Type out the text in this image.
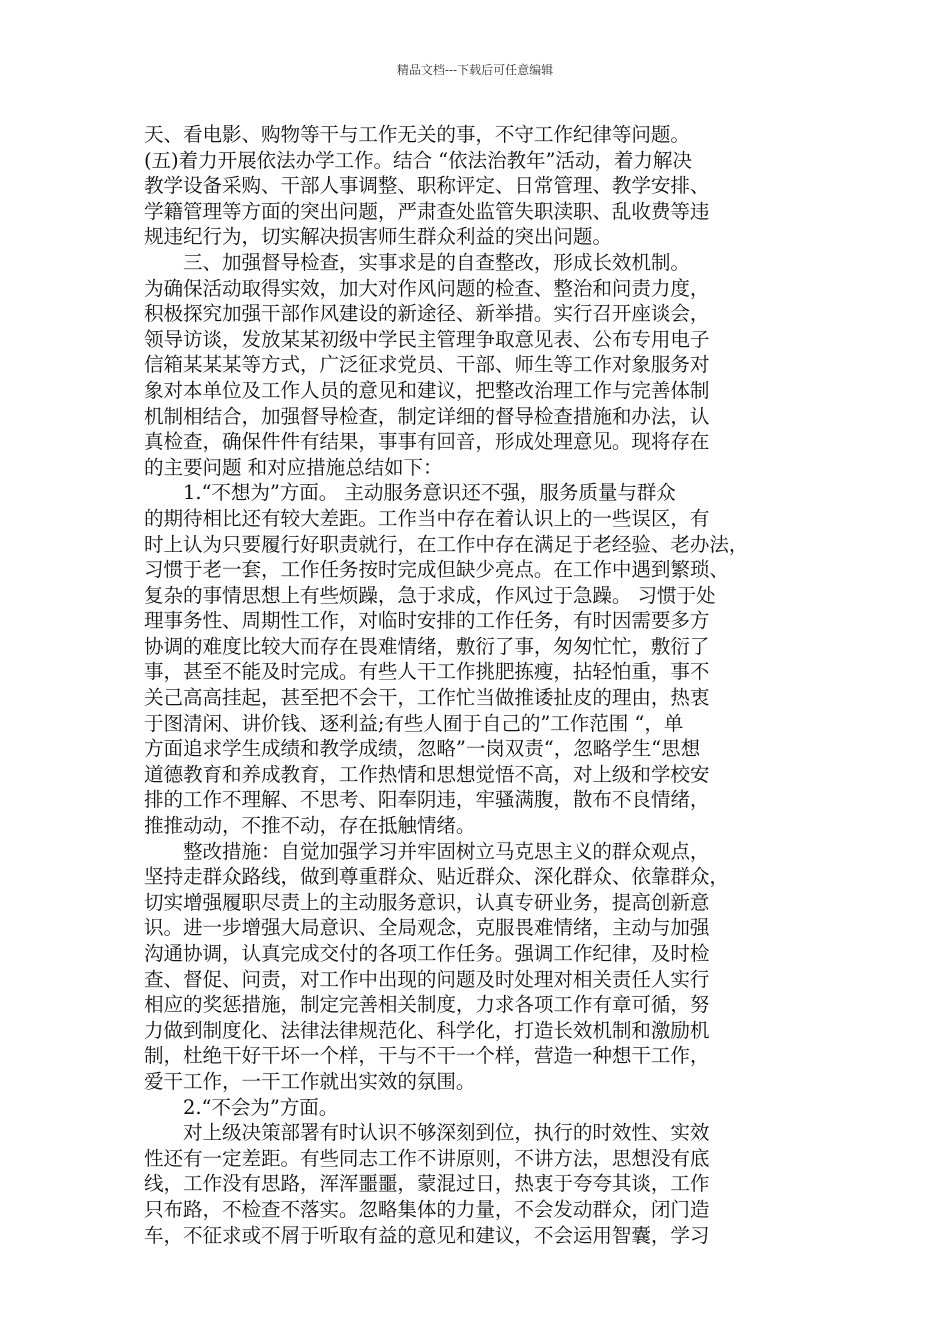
精品文档---下载后可任意编辑
天、看电影、购物等干与工作无关的事，不守工作纪律等问题。
(五)着力开展依法办学工作。结合 “依法治教年”活动，着力解决
教学设备采购、干部人事调整、职称评定、日常管理、教学安排、
学籍管理等方面的突出问题，严肃查处监管失职渎职、乱收费等违
规违纪行为，切实解决损害师生群众利益的突出问题。
　　三、加强督导检查，实事求是的自查整改，形成长效机制。
为确保活动取得实效，加大对作风问题的检查、整治和问责力度，
积极探究加强干部作风建设的新途径、新举措。实行召开座谈会，
领导访谈，发放某某初级中学民主管理争取意见表、公布专用电子
信箱某某某等方式，广泛征求党员、干部、师生等工作对象服务对
象对本单位及工作人员的意见和建议，把整改治理工作与完善体制
机制相结合，加强督导检查，制定详细的督导检查措施和办法，认
真检查，确保件件有结果，事事有回音，形成处理意见。现将存在
的主要问题 和对应措施总结如下：
　　1.“不想为”方面。 主动服务意识还不强，服务质量与群众
的期待相比还有较大差距。工作当中存在着认识上的一些误区，有
时上认为只要履行好职责就行，在工作中存在满足于老经验、老办法，
习惯于老一套，工作任务按时完成但缺少亮点。在工作中遇到繁琐、
复杂的事情思想上有些烦躁，急于求成，作风过于急躁。 习惯于处
理事务性、周期性工作，对临时安排的工作任务，有时因需要多方
协调的难度比较大而存在畏难情绪，敷衍了事，匆匆忙忙，敷衍了
事，甚至不能及时完成。有些人干工作挑肥拣瘦，拈轻怕重，事不
关己高高挂起，甚至把不会干，工作忙当做推诿扯皮的理由，热衷
于图清闲、讲价钱、逐利益;有些人囿于自己的”工作范围 “，单
方面追求学生成绩和教学成绩，忽略”一岗双责“，忽略学生“思想
道德教育和养成教育，工作热情和思想觉悟不高，对上级和学校安
排的工作不理解、不思考、阳奉阴违，牢骚满腹，散布不良情绪，
推推动动，不推不动，存在抵触情绪。
　　整改措施：自觉加强学习并牢固树立马克思主义的群众观点，
坚持走群众路线，做到尊重群众、贴近群众、深化群众、依靠群众，
切实增强履职尽责上的主动服务意识，认真专研业务，提高创新意
识。进一步增强大局意识、全局观念，克服畏难情绪，主动与加强
沟通协调，认真完成交付的各项工作任务。强调工作纪律，及时检
查、督促、问责，对工作中出现的问题及时处理对相关责任人实行
相应的奖惩措施，制定完善相关制度，力求各项工作有章可循，努
力做到制度化、法律法律规范化、科学化，打造长效机制和激励机
制，杜绝干好干坏一个样，干与不干一个样，营造一种想干工作，
爱干工作，一干工作就出实效的氛围。
　　2.“不会为”方面。
　　对上级决策部署有时认识不够深刻到位，执行的时效性、实效
性还有一定差距。有些同志工作不讲原则，不讲方法，思想没有底
线，工作没有思路，浑浑噩噩，蒙混过日，热衷于夸夸其谈，工作
只布路，不检查不落实。忽略集体的力量，不会发动群众，闭门造
车，不征求或不屑于听取有益的意见和建议，不会运用智囊，学习
